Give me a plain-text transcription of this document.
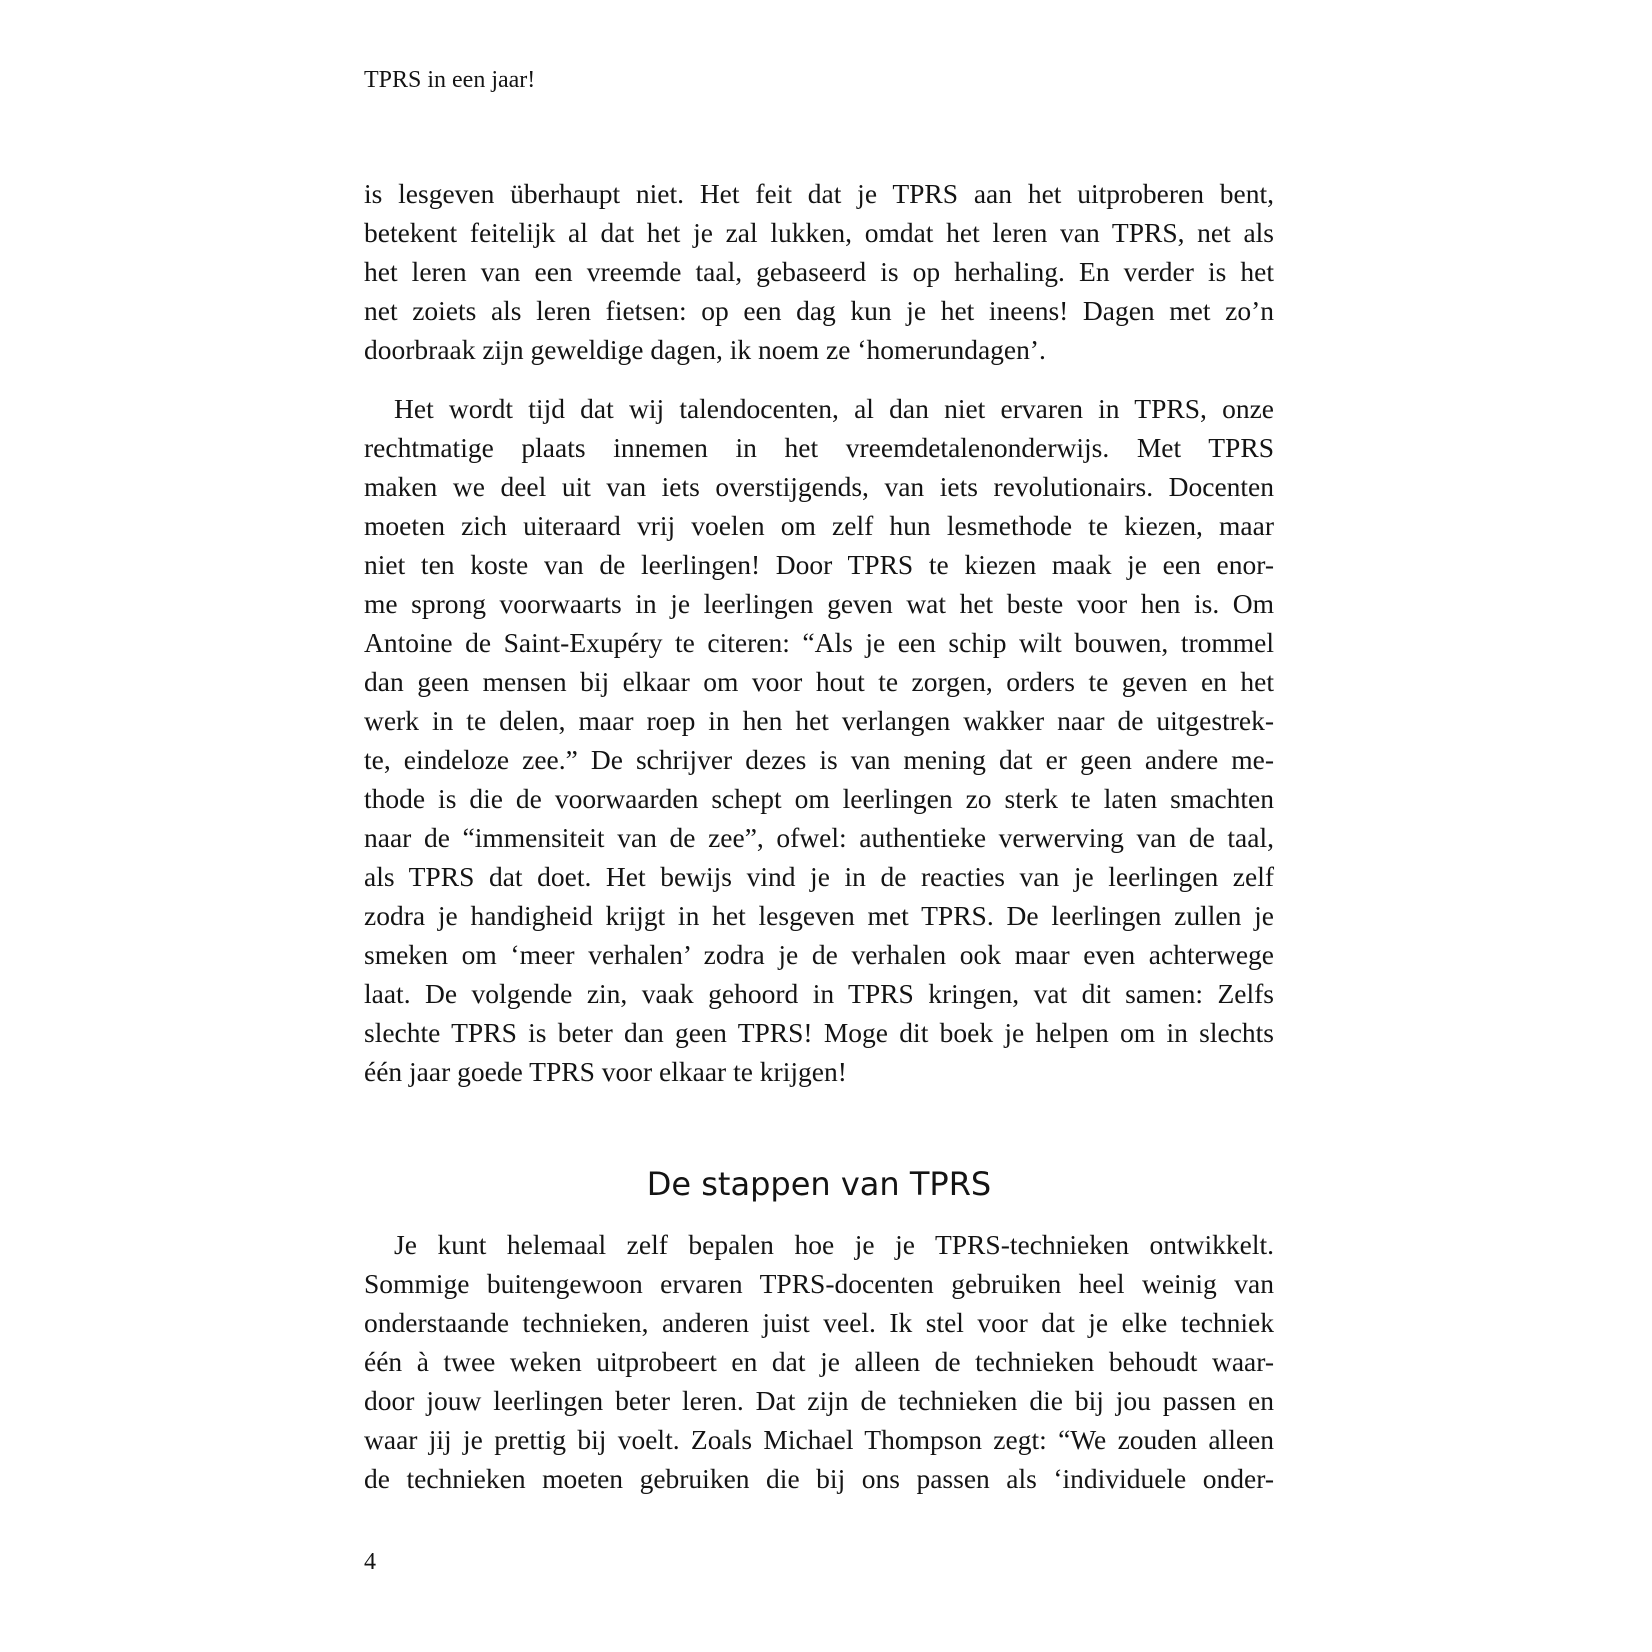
TPRS in een jaar!
is lesgeven überhaupt niet. Het feit dat je TPRS aan het uitproberen bent,
betekent feitelijk al dat het je zal lukken, omdat het leren van TPRS, net als
het leren van een vreemde taal, gebaseerd is op herhaling. En verder is het
net zoiets als leren fietsen: op een dag kun je het ineens! Dagen met zo’n
doorbraak zijn geweldige dagen, ik noem ze ‘homerundagen’.
Het wordt tijd dat wij talendocenten, al dan niet ervaren in TPRS, onze
rechtmatige plaats innemen in het vreemdetalenonderwijs. Met TPRS
maken we deel uit van iets overstijgends, van iets revolutionairs. Docenten
moeten zich uiteraard vrij voelen om zelf hun lesmethode te kiezen, maar
niet ten koste van de leerlingen! Door TPRS te kiezen maak je een enor-
me sprong voorwaarts in je leerlingen geven wat het beste voor hen is. Om
Antoine de Saint-Exupéry te citeren: “Als je een schip wilt bouwen, trommel
dan geen mensen bij elkaar om voor hout te zorgen, orders te geven en het
werk in te delen, maar roep in hen het verlangen wakker naar de uitgestrek-
te, eindeloze zee.” De schrijver dezes is van mening dat er geen andere me-
thode is die de voorwaarden schept om leerlingen zo sterk te laten smachten
naar de “immensiteit van de zee”, ofwel: authentieke verwerving van de taal,
als TPRS dat doet. Het bewijs vind je in de reacties van je leerlingen zelf
zodra je handigheid krijgt in het lesgeven met TPRS. De leerlingen zullen je
smeken om ‘meer verhalen’ zodra je de verhalen ook maar even achterwege
laat. De volgende zin, vaak gehoord in TPRS kringen, vat dit samen: Zelfs
slechte TPRS is beter dan geen TPRS! Moge dit boek je helpen om in slechts
één jaar goede TPRS voor elkaar te krijgen!
De stappen van TPRS
Je kunt helemaal zelf bepalen hoe je je TPRS-technieken ontwikkelt.
Sommige buitengewoon ervaren TPRS-docenten gebruiken heel weinig van
onderstaande technieken, anderen juist veel. Ik stel voor dat je elke techniek
één à twee weken uitprobeert en dat je alleen de technieken behoudt waar-
door jouw leerlingen beter leren. Dat zijn de technieken die bij jou passen en
waar jij je prettig bij voelt. Zoals Michael Thompson zegt: “We zouden alleen
de technieken moeten gebruiken die bij ons passen als ‘individuele onder-
4
